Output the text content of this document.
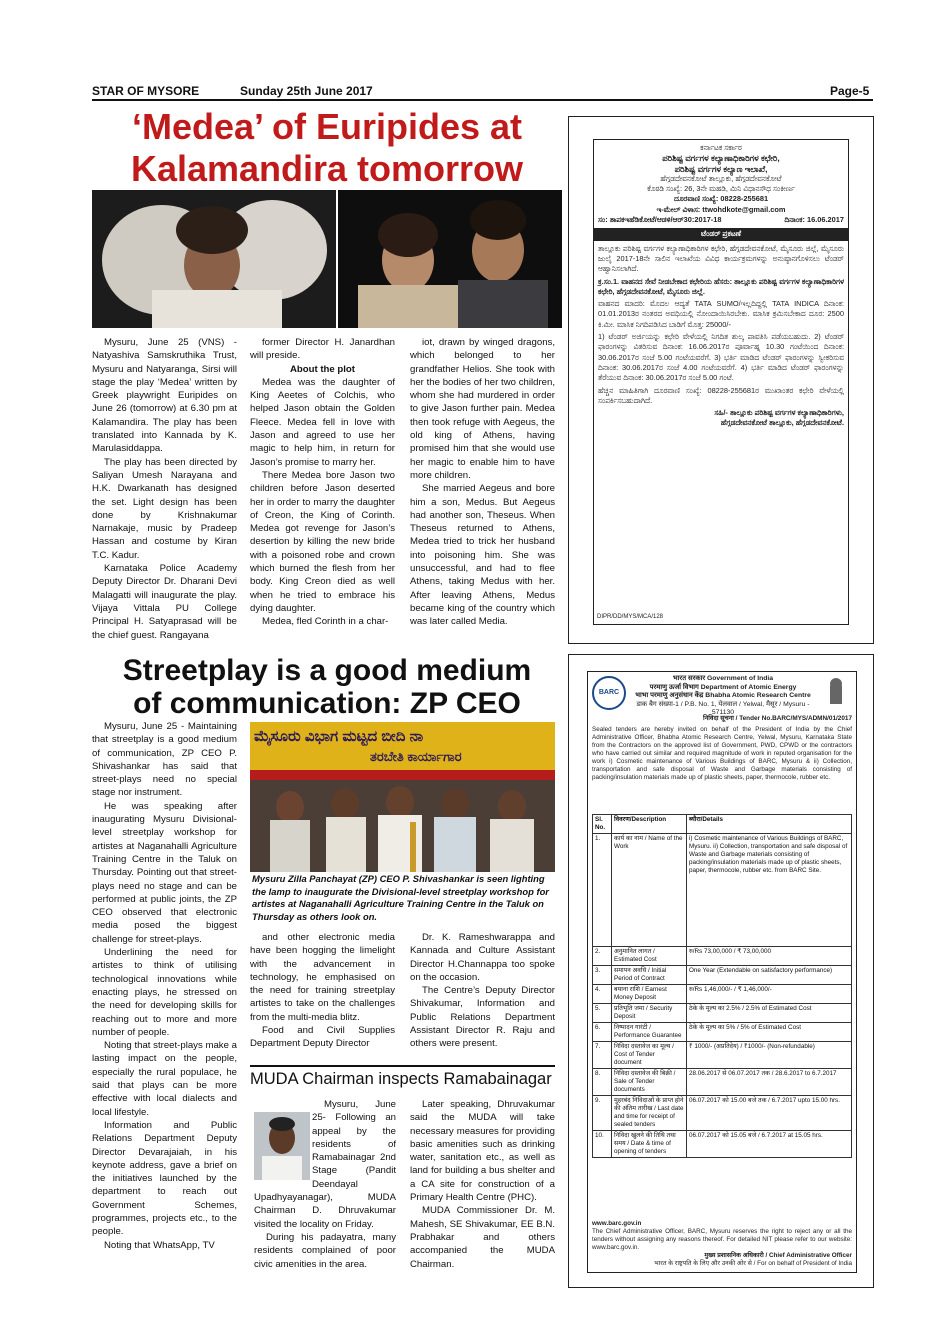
STAR OF MYSORE	Sunday 25th June 2017	Page-5
‘Medea’ of Euripides at
Kalamandira tomorrow

Mysuru, June 25 (VNS) - Natyashiva Samskruthika Trust, Mysuru and Natyaranga, Sirsi will stage the play ‘Medea’ written by Greek playwright Euripides on June 26 (tomorrow) at 6.30 pm at Kalamandira. The play has been translated into Kannada by K. Marulasiddappa.

The play has been directed by Saliyan Umesh Narayana and H.K. Dwarkanath has designed the set. Light design has been done by Krishnakumar Narnakaje, music by Pradeep Hassan and costume by Kiran T.C. Kadur.

Karnataka Police Academy Deputy Director Dr. Dharani Devi Malagatti will inaugurate the play. Vijaya Vittala PU College Principal H. Satyaprasad will be the chief guest. Rangayana

former Director H. Janardhan will preside.

About the plot

Medea was the daughter of King Aeetes of Colchis, who helped Jason obtain the Golden Fleece. Medea fell in love with Jason and agreed to use her magic to help him, in return for Jason’s promise to marry her.

There Medea bore Jason two children before Jason deserted her in order to marry the daughter of Creon, the King of Corinth. Medea got revenge for Jason’s desertion by killing the new bride with a poisoned robe and crown which burned the flesh from her body. King Creon died as well when he tried to embrace his dying daughter.

Medea, fled Corinth in a char-

iot, drawn by winged dragons, which belonged to her grandfather Helios. She took with her the bodies of her two children, whom she had murdered in order to give Jason further pain. Medea then took refuge with Aegeus, the old king of Athens, having promised him that she would use her magic to enable him to have more children.

She married Aegeus and bore him a son, Medus. But Aegeus had another son, Theseus. When Theseus returned to Athens, Medea tried to trick her husband into poisoning him. She was unsuccessful, and had to flee Athens, taking Medus with her. After leaving Athens, Medus became king of the country which was later called Media.

Streetplay is a good medium
of communication: ZP CEO

Mysuru, June 25 - Maintaining that streetplay is a good medium of communication, ZP CEO P. Shivashankar has said that street-plays need no special stage nor instrument.

He was speaking after inaugurating Mysuru Divisional-level streetplay workshop for artistes at Naganahalli Agriculture Training Centre in the Taluk on Thursday. Pointing out that street-plays need no stage and can be performed at public joints, the ZP CEO observed that electronic media posed the biggest challenge for street-plays.

Underlining the need for artistes to think of utilising technological innovations while enacting plays, he stressed on the need for developing skills for reaching out to more and more number of people.

Noting that street-plays make a lasting impact on the people, especially the rural populace, he said that plays can be more effective with local dialects and local lifestyle.

Information and Public Relations Department Deputy Director Devarajaiah, in his keynote address, gave a brief on the initiatives launched by the department to reach out Government Schemes, programmes, projects etc., to the people.

Noting that WhatsApp, TV

ಮೈಸೂರು ವಿಭಾಗ ಮಟ್ಟದ ಬೀದಿ ನಾ
ತರಬೇತಿ ಕಾರ್ಯಾಗಾರ
Mysuru Zilla Panchayat (ZP) CEO P. Shivashankar is seen lighting the lamp to inaugurate the Divisional-level streetplay workshop for artistes at Naganahalli Agriculture Training Centre in the Taluk on Thursday as others look on.

and other electronic media have been hogging the limelight with the advancement in technology, he emphasised on the need for training streetplay artistes to take on the challenges from the multi-media blitz.

Food and Civil Supplies Department Deputy Director

Dr. K. Rameshwarappa and Kannada and Culture Assistant Director H.Channappa too spoke on the occasion.

The Centre’s Deputy Director Shivakumar, Information and Public Relations Department Assistant Director R. Raju and others were present.

MUDA Chairman inspects Ramabainagar

Mysuru, June 25- Following an appeal by the residents of Ramabainagar 2nd Stage (Pandit Deendayal Upadhyayanagar), MUDA Chairman D. Dhruvakumar visited the locality on Friday.

During his padayatra, many residents complained of poor civic amenities in the area.

Later speaking, Dhruvakumar said the MUDA will take necessary measures for providing basic amenities such as drinking water, sanitation etc., as well as land for building a bus shelter and a CA site for construction of a Primary Health Centre (PHC).

MUDA Commissioner Dr. M. Mahesh, SE Shivakumar, EE B.N. Prabhakar and others accompanied the MUDA Chairman.

ಕರ್ನಾಟಕ ಸರ್ಕಾರ
ಪರಿಶಿಷ್ಟ ವರ್ಗಗಳ ಕಲ್ಯಾಣಾಧಿಕಾರಿಗಳ ಕಛೇರಿ,
ಪರಿಶಿಷ್ಟ ವರ್ಗಗಳ ಕಲ್ಯಾಣ ಇಲಾಖೆ,
ಹೆಗ್ಗಡದೇವನಕೋಟೆ ತಾಲ್ಲೂಕು, ಹೆಗ್ಗಡದೇವನಕೋಟೆ
ಕೊಠಡಿ ಸಂಖ್ಯೆ: 26, 3ನೇ ಮಹಡಿ, ಮಿನಿ ವಿಧಾನಸೌಧ ಸಂಕೀರ್ಣ
ದೂರವಾಣಿ ಸಂಖ್ಯೆ: 08228-255681
ಇ-ಮೇಲ್ ವಿಳಾಸ: ttwohdkote@gmail.com
ಸಂ: ತಾಪಕಇಹೆಡಿಕೋಟೆ/ಆಡಳಿ/ಆರ್‌30:2017-18	ದಿನಾಂಕ: 16.06.2017
ಟೆಂಡರ್ ಪ್ರಕಟಣೆ
ತಾಲ್ಲೂಕು ಪರಿಶಿಷ್ಟ ವರ್ಗಗಳ ಕಲ್ಯಾಣಾಧಿಕಾರಿಗಳ ಕಛೇರಿ, ಹೆಗ್ಗಡದೇವನಕೋಟೆ, ಮೈಸೂರು ಜಿಲ್ಲೆ, ಮೈಸೂರು ಜುಲೈ 2017-18ನೇ ಸಾಲಿನ ಇಲಾಖೆಯ ವಿವಿಧ ಕಾರ್ಯಕ್ರಮಗಳನ್ನು ಅನುಷ್ಠಾನಗೊಳಿಸಲು ಟೆಂಡರ್ ಆಹ್ವಾನಿಸಲಾಗಿದೆ.
ಕ್ರ.ಸಂ.1. ವಾಹನದ ಸೇವೆ ನೀಡಬೇಕಾದ ಕಛೇರಿಯ ಹೆಸರು: ತಾಲ್ಲೂಕು ಪರಿಶಿಷ್ಟ ವರ್ಗಗಳ ಕಲ್ಯಾಣಾಧಿಕಾರಿಗಳ ಕಛೇರಿ, ಹೆಗ್ಗಡದೇವನಕೋಟೆ, ಮೈಸೂರು ಜಿಲ್ಲೆ.
ವಾಹನದ ಮಾದರಿ: ಮೊದಲ ಆದ್ಯತೆ TATA SUMO/ಇಲ್ಲದಿದ್ದಲ್ಲಿ TATA INDICA ದಿನಾಂಕ: 01.01.2013ರ ನಂತರದ ಅವಧಿಯಲ್ಲಿ ನೋಂದಾಯಿಸಿರಬೇಕು. ಮಾಸಿಕ ಕ್ರಮಿಸಬೇಕಾದ ದೂರ: 2500 ಕಿ.ಮೀ. ಮಾಸಿಕ ನಿಗದಿಪಡಿಸಿದ ಬಾಡಿಗೆ ಮೊತ್ತ: 25000/-
1) ಟೆಂಡರ್ ಅರ್ಜಿಯನ್ನು ಕಛೇರಿ ವೇಳೆಯಲ್ಲಿ ನಿಗದಿತ ಶುಲ್ಕ ಪಾವತಿಸಿ ಪಡೆಯಬಹುದು. 2) ಟೆಂಡರ್ ಫಾರಂಗಳನ್ನು ವಿತರಿಸುವ ದಿನಾಂಕ: 16.06.2017ರ ಪೂರ್ವಾಹ್ನ 10.30 ಗಂಟೆಯಿಂದ ದಿನಾಂಕ: 30.06.2017ರ ಸಂಜೆ 5.00 ಗಂಟೆಯವರೆಗೆ. 3) ಭರ್ತಿ ಮಾಡಿದ ಟೆಂಡರ್ ಫಾರಂಗಳನ್ನು ಸ್ವೀಕರಿಸುವ ದಿನಾಂಕ: 30.06.2017ರ ಸಂಜೆ 4.00 ಗಂಟೆಯವರೆಗೆ. 4) ಭರ್ತಿ ಮಾಡಿದ ಟೆಂಡರ್ ಫಾರಂಗಳನ್ನು ತೆರೆಯುವ ದಿನಾಂಕ: 30.06.2017ರ ಸಂಜೆ 5.00 ಗಂಟೆ.
ಹೆಚ್ಚಿನ ಮಾಹಿತಿಗಾಗಿ ದೂರವಾಣಿ ಸಂಖ್ಯೆ: 08228-255681ರ ಮುಖಾಂತರ ಕಛೇರಿ ವೇಳೆಯಲ್ಲಿ ಸಂಪರ್ಕಿಸಬಹುದಾಗಿದೆ.
ಸಹಿ/- ತಾಲ್ಲೂಕು ಪರಿಶಿಷ್ಟ ವರ್ಗಗಳ ಕಲ್ಯಾಣಾಧಿಕಾರಿಗಳು,
ಹೆಗ್ಗಡದೇವನಕೋಟೆ ತಾಲ್ಲೂಕು, ಹೆಗ್ಗಡದೇವನಕೋಟೆ.
DIPR/DD/MYS/MCA/128
BARC
भारत सरकार Government of India
परमाणु ऊर्जा विभाग Department of Atomic Energy
भाभा परमाणु अनुसंधान केंद्र Bhabha Atomic Research Centre
डाक बैग संख्या-1 / P.B. No. 1, येलवाल / Yelwal, मैसूर / Mysuru - 571130
निविदा सूचना / Tender No.BARC/MYS/ADMN/01/2017
Sealed tenders are hereby invited on behalf of the President of India by the Chief Administrative Officer, Bhabha Atomic Research Centre, Yelwal, Mysuru, Karnataka State from the Contractors on the approved list of Government, PWD, CPWD or the contractors who have carried out similar and required magnitude of work in reputed organisation for the work i) Cosmetic maintenance of Various Buildings of BARC, Mysuru & ii) Collection, transportation and safe disposal of Waste and Garbage materials consisting of packing/insulation materials made up of plastic sheets, paper, thermocole, rubber etc.
Sl. No.	विवरण/Description	ब्यौरा/Details
1.	कार्य का नाम / Name of the Work	i) Cosmetic maintenance of Various Buildings of BARC, Mysuru. ii) Collection, transportation and safe disposal of Waste and Garbage materials consisting of packing/insulation materials made up of plastic sheets, paper, thermocole, rubber etc. from BARC Site.
2.	अनुमानित लागत / Estimated Cost	रु/Rs 73,00,000 / ₹ 73,00,000
3.	समापन अवधि / Initial Period of Contract	One Year (Extendable on satisfactory performance)
4.	बयाना राशि / Earnest Money Deposit	रु/Rs 1,46,000/- / ₹ 1,46,000/-
5.	प्रतिभूति जमा / Security Deposit	ठेके के मूल्य का 2.5% / 2.5% of Estimated Cost
6.	निष्पादन गारंटी / Performance Guarantee	ठेके के मूल्य का 5% / 5% of Estimated Cost
7.	निविदा दस्तावेज का मूल्य / Cost of Tender document	₹ 1000/- (अप्रतिदेय) / ₹1000/- (Non-refundable)
8.	निविदा दस्तावेज की बिक्री / Sale of Tender documents	28.06.2017 से 06.07.2017 तक / 28.6.2017 to 6.7.2017
9.	मुहरबंद निविदाओं के प्राप्त होने की अंतिम तारीख / Last date and time for receipt of sealed tenders	06.07.2017 को 15.00 बजे तक / 6.7.2017 upto 15.00 hrs.
10.	निविदा खुलने की तिथि तथा समय / Date & time of opening of tenders	06.07.2017 को 15.05 बजे / 6.7.2017 at 15.05 hrs.
www.barc.gov.in
The Chief Administrative Officer, BARC, Mysuru reserves the right to reject any or all the tenders without assigning any reasons thereof. For detailed NIT please refer to our website: www.barc.gov.in.
मुख्य प्रशासनिक अधिकारी / Chief Administrative Officer
भारत के राष्ट्रपति के लिए और उनकी ओर से / For on behalf of President of India
